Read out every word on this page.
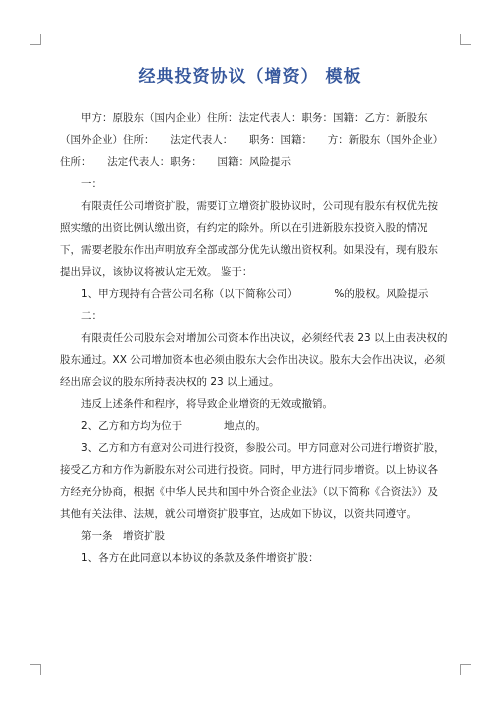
经典投资协议（增资） 模板

甲方：原股东（国内企业）住所：法定代表人：职务：国籍：乙方：新股东（国外企业）住所：　　法定代表人：　　职务：国籍：　　方：新股东（国外企业）住所：　　法定代表人：职务：　　国籍：风险提示

一：

有限责任公司增资扩股，需要订立增资扩股协议时，公司现有股东有权优先按照实缴的出资比例认缴出资，有约定的除外。所以在引进新股东投资入股的情况下，需要老股东作出声明放弃全部或部分优先认缴出资权利。如果没有，现有股东提出异议，该协议将被认定无效。 鉴于：

1、甲方现持有合营公司名称（以下简称公司）　　　　%的股权。风险提示

二：

有限责任公司股东会对增加公司资本作出决议，必须经代表 23 以上由表决权的股东通过。XX 公司增加资本也必须由股东大会作出决议。股东大会作出决议，必须经出席会议的股东所持表决权的 23 以上通过。

违反上述条件和程序，将导致企业增资的无效或撤销。

2、乙方和方均为位于　　　　地点的。

3、乙方和方有意对公司进行投资，参股公司。甲方同意对公司进行增资扩股，接受乙方和方作为新股东对公司进行投资。同时，甲方进行同步增资。以上协议各方经充分协商，根据《中华人民共和国中外合资企业法》（以下简称《合资法》）及其他有关法律、法规，就公司增资扩股事宜，达成如下协议，以资共同遵守。

第一条　增资扩股

1、各方在此同意以本协议的条款及条件增资扩股：
